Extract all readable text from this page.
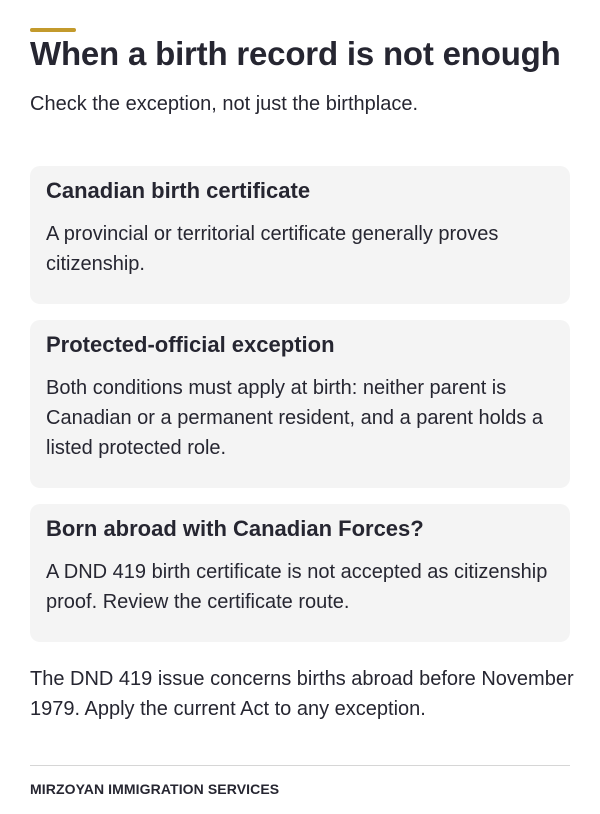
When a birth record is not enough

Check the exception, not just the birthplace.

Canadian birth certificate

A provincial or territorial certificate generally proves citizenship.

Protected-official exception

Both conditions must apply at birth: neither parent is Canadian or a permanent resident, and a parent holds a listed protected role.

Born abroad with Canadian Forces?

A DND 419 birth certificate is not accepted as citizenship proof. Review the certificate route.

The DND 419 issue concerns births abroad before November 1979. Apply the current Act to any exception.

MIRZOYAN IMMIGRATION SERVICES
